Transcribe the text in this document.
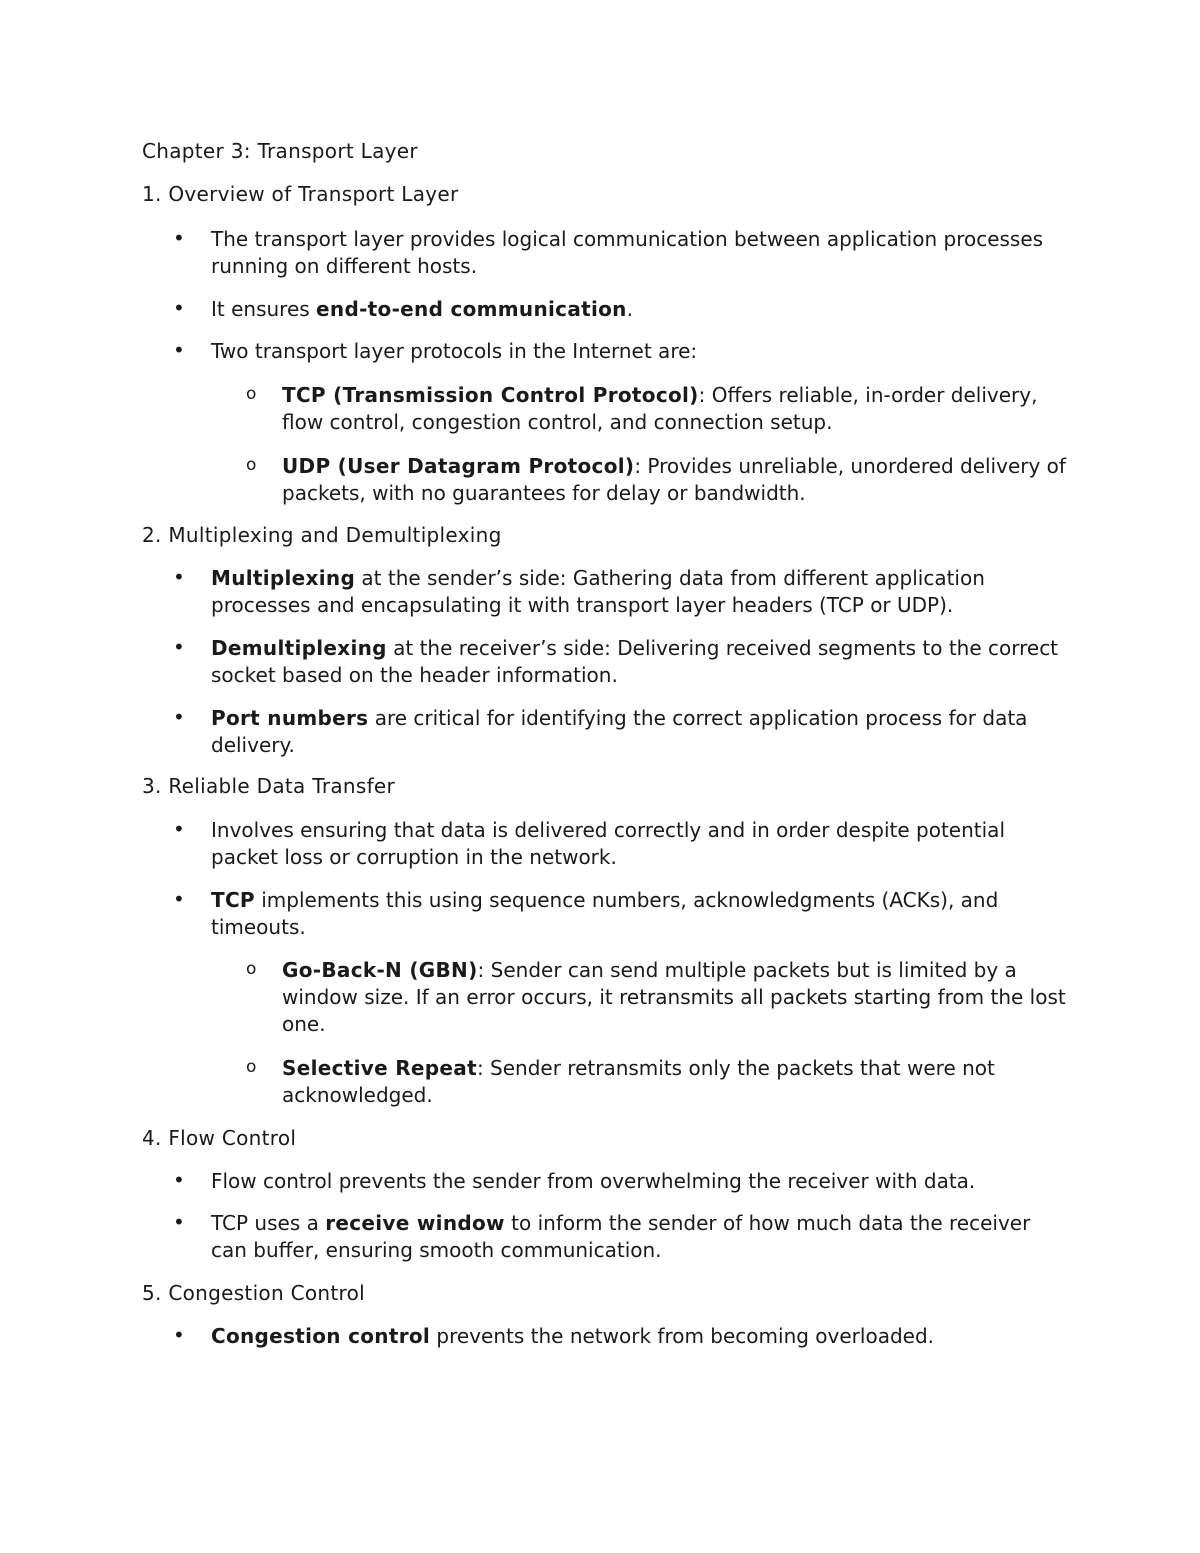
Chapter 3: Transport Layer
1. Overview of Transport Layer
• The transport layer provides logical communication between application processes running on different hosts.
• It ensures end-to-end communication.
• Two transport layer protocols in the Internet are:
o TCP (Transmission Control Protocol): Offers reliable, in-order delivery, flow control, congestion control, and connection setup.
o UDP (User Datagram Protocol): Provides unreliable, unordered delivery of packets, with no guarantees for delay or bandwidth.
2. Multiplexing and Demultiplexing
• Multiplexing at the sender’s side: Gathering data from different application processes and encapsulating it with transport layer headers (TCP or UDP).
• Demultiplexing at the receiver’s side: Delivering received segments to the correct socket based on the header information.
• Port numbers are critical for identifying the correct application process for data delivery.
3. Reliable Data Transfer
• Involves ensuring that data is delivered correctly and in order despite potential packet loss or corruption in the network.
• TCP implements this using sequence numbers, acknowledgments (ACKs), and timeouts.
o Go-Back-N (GBN): Sender can send multiple packets but is limited by a window size. If an error occurs, it retransmits all packets starting from the lost one.
o Selective Repeat: Sender retransmits only the packets that were not acknowledged.
4. Flow Control
• Flow control prevents the sender from overwhelming the receiver with data.
• TCP uses a receive window to inform the sender of how much data the receiver can buffer, ensuring smooth communication.
5. Congestion Control
• Congestion control prevents the network from becoming overloaded.
